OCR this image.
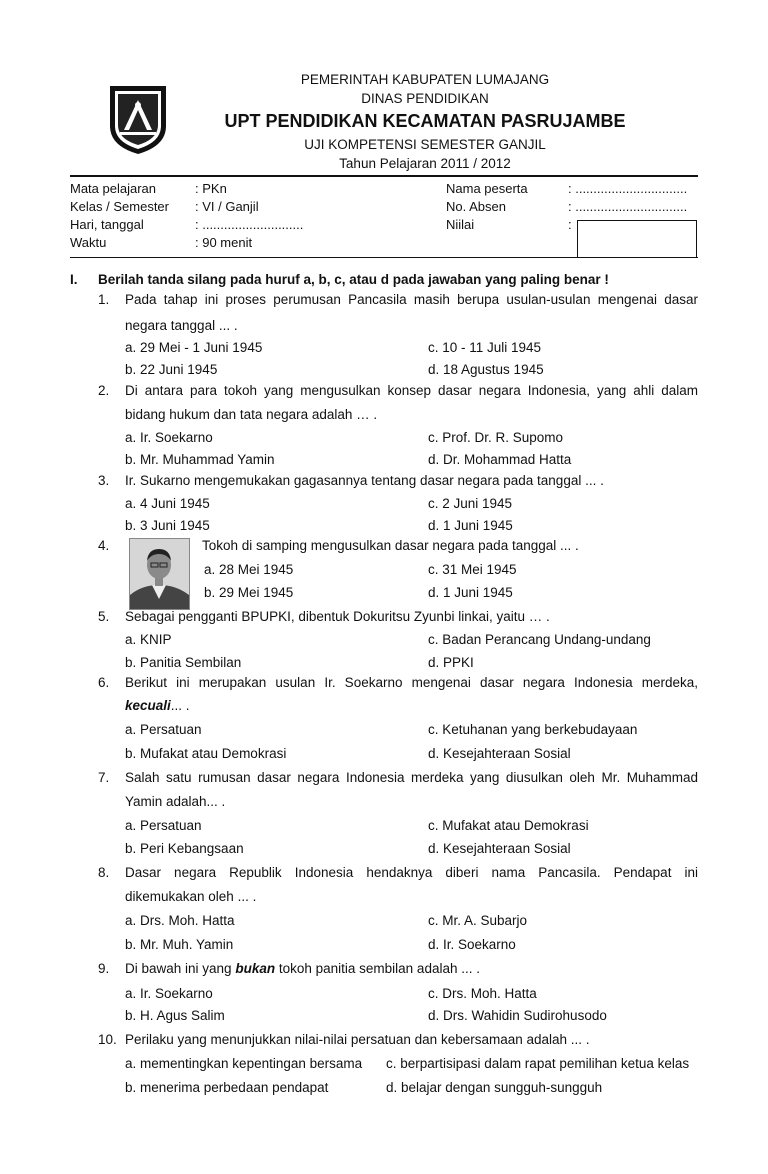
PEMERINTAH KABUPATEN LUMAJANG
DINAS PENDIDIKAN
UPT PENDIDIKAN KECAMATAN PASRUJAMBE
UJI KOMPETENSI SEMESTER GANJIL
Tahun Pelajaran 2011 / 2012
Mata pelajaran	: PKn
Kelas / Semester : VI / Ganjil
Hari, tanggal	: ............................
Waktu	: 90 menit
Nama peserta	: ...............................
No. Absen	: ...............................
Niilai	:
I. Berilah tanda silang pada huruf a, b, c, atau d pada jawaban yang paling benar !
1. Pada tahap ini proses perumusan Pancasila masih berupa usulan-usulan mengenai dasar
negara tanggal ... .
a. 29 Mei - 1 Juni 1945
b. 22 Juni 1945
c. 10 - 11 Juli 1945
d. 18 Agustus 1945
2. Di antara para tokoh yang mengusulkan konsep dasar negara Indonesia, yang ahli dalam
bidang hukum dan tata negara adalah … .
a. Ir. Soekarno
b. Mr. Muhammad Yamin
c. Prof. Dr. R. Supomo
d. Dr. Mohammad Hatta
3. Ir. Sukarno mengemukakan gagasannya tentang dasar negara pada tanggal ... .
a. 4 Juni 1945
b. 3 Juni 1945
c. 2 Juni 1945
d. 1 Juni 1945
4.	Tokoh di samping mengusulkan dasar negara pada tanggal ... .
a. 28 Mei 1945
b. 29 Mei 1945
c. 31 Mei 1945
d. 1 Juni 1945
5. Sebagai pengganti BPUPKI, dibentuk Dokuritsu Zyunbi linkai, yaitu … .
a. KNIP
b. Panitia Sembilan
c. Badan Perancang Undang-undang
d. PPKI
6. Berikut ini merupakan usulan Ir. Soekarno mengenai dasar negara Indonesia merdeka,
kecuali... .
a. Persatuan
b. Mufakat atau Demokrasi
c. Ketuhanan yang berkebudayaan
d. Kesejahteraan Sosial
7. Salah satu rumusan dasar negara Indonesia merdeka yang diusulkan oleh Mr. Muhammad
Yamin adalah... .
a. Persatuan
b. Peri Kebangsaan
c. Mufakat atau Demokrasi
d. Kesejahteraan Sosial
8. Dasar negara Republik Indonesia hendaknya diberi nama Pancasila. Pendapat ini
dikemukakan oleh ... .
a. Drs. Moh. Hatta
b. Mr. Muh. Yamin
c. Mr. A. Subarjo
d. Ir. Soekarno
9. Di bawah ini yang bukan tokoh panitia sembilan adalah ... .
a. Ir. Soekarno
b. H. Agus Salim
c. Drs. Moh. Hatta
d. Drs. Wahidin Sudirohusodo
10. Perilaku yang menunjukkan nilai-nilai persatuan dan kebersamaan adalah ... .
a. mementingkan kepentingan bersama
b. menerima perbedaan pendapat
c. berpartisipasi dalam rapat pemilihan ketua kelas
d. belajar dengan sungguh-sungguh
